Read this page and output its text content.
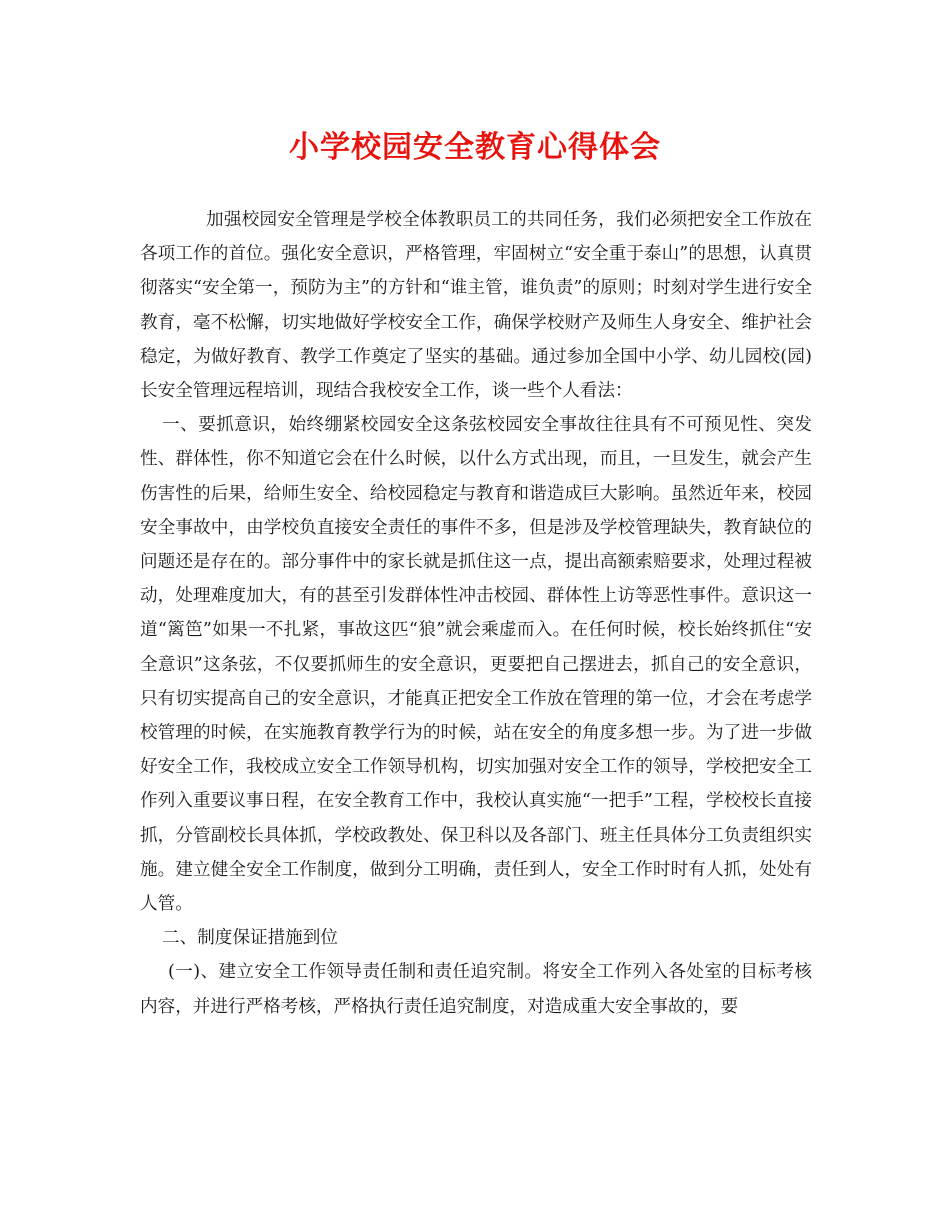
小学校园安全教育心得体会

加强校园安全管理是学校全体教职员工的共同任务，我们必须把安全工作放在各项工作的首位。强化安全意识，严格管理，牢固树立“安全重于泰山”的思想，认真贯彻落实“安全第一，预防为主”的方针和“谁主管，谁负责”的原则；时刻对学生进行安全教育，毫不松懈，切实地做好学校安全工作，确保学校财产及师生人身安全、维护社会稳定，为做好教育、教学工作奠定了坚实的基础。通过参加全国中小学、幼儿园校(园)长安全管理远程培训，现结合我校安全工作，谈一些个人看法：

一、要抓意识，始终绷紧校园安全这条弦校园安全事故往往具有不可预见性、突发性、群体性，你不知道它会在什么时候，以什么方式出现，而且，一旦发生，就会产生伤害性的后果，给师生安全、给校园稳定与教育和谐造成巨大影响。虽然近年来，校园安全事故中，由学校负直接安全责任的事件不多，但是涉及学校管理缺失，教育缺位的问题还是存在的。部分事件中的家长就是抓住这一点，提出高额索赔要求，处理过程被动，处理难度加大，有的甚至引发群体性冲击校园、群体性上访等恶性事件。意识这一道“篱笆”如果一不扎紧，事故这匹“狼”就会乘虚而入。在任何时候，校长始终抓住“安全意识”这条弦，不仅要抓师生的安全意识，更要把自己摆进去，抓自己的安全意识，只有切实提高自己的安全意识，才能真正把安全工作放在管理的第一位，才会在考虑学校管理的时候，在实施教育教学行为的时候，站在安全的角度多想一步。为了进一步做好安全工作，我校成立安全工作领导机构，切实加强对安全工作的领导，学校把安全工作列入重要议事日程，在安全教育工作中，我校认真实施“一把手”工程，学校校长直接抓，分管副校长具体抓，学校政教处、保卫科以及各部门、班主任具体分工负责组织实施。建立健全安全工作制度，做到分工明确，责任到人，安全工作时时有人抓，处处有人管。

二、制度保证措施到位

(一)、建立安全工作领导责任制和责任追究制。将安全工作列入各处室的目标考核内容，并进行严格考核，严格执行责任追究制度，对造成重大安全事故的，要
